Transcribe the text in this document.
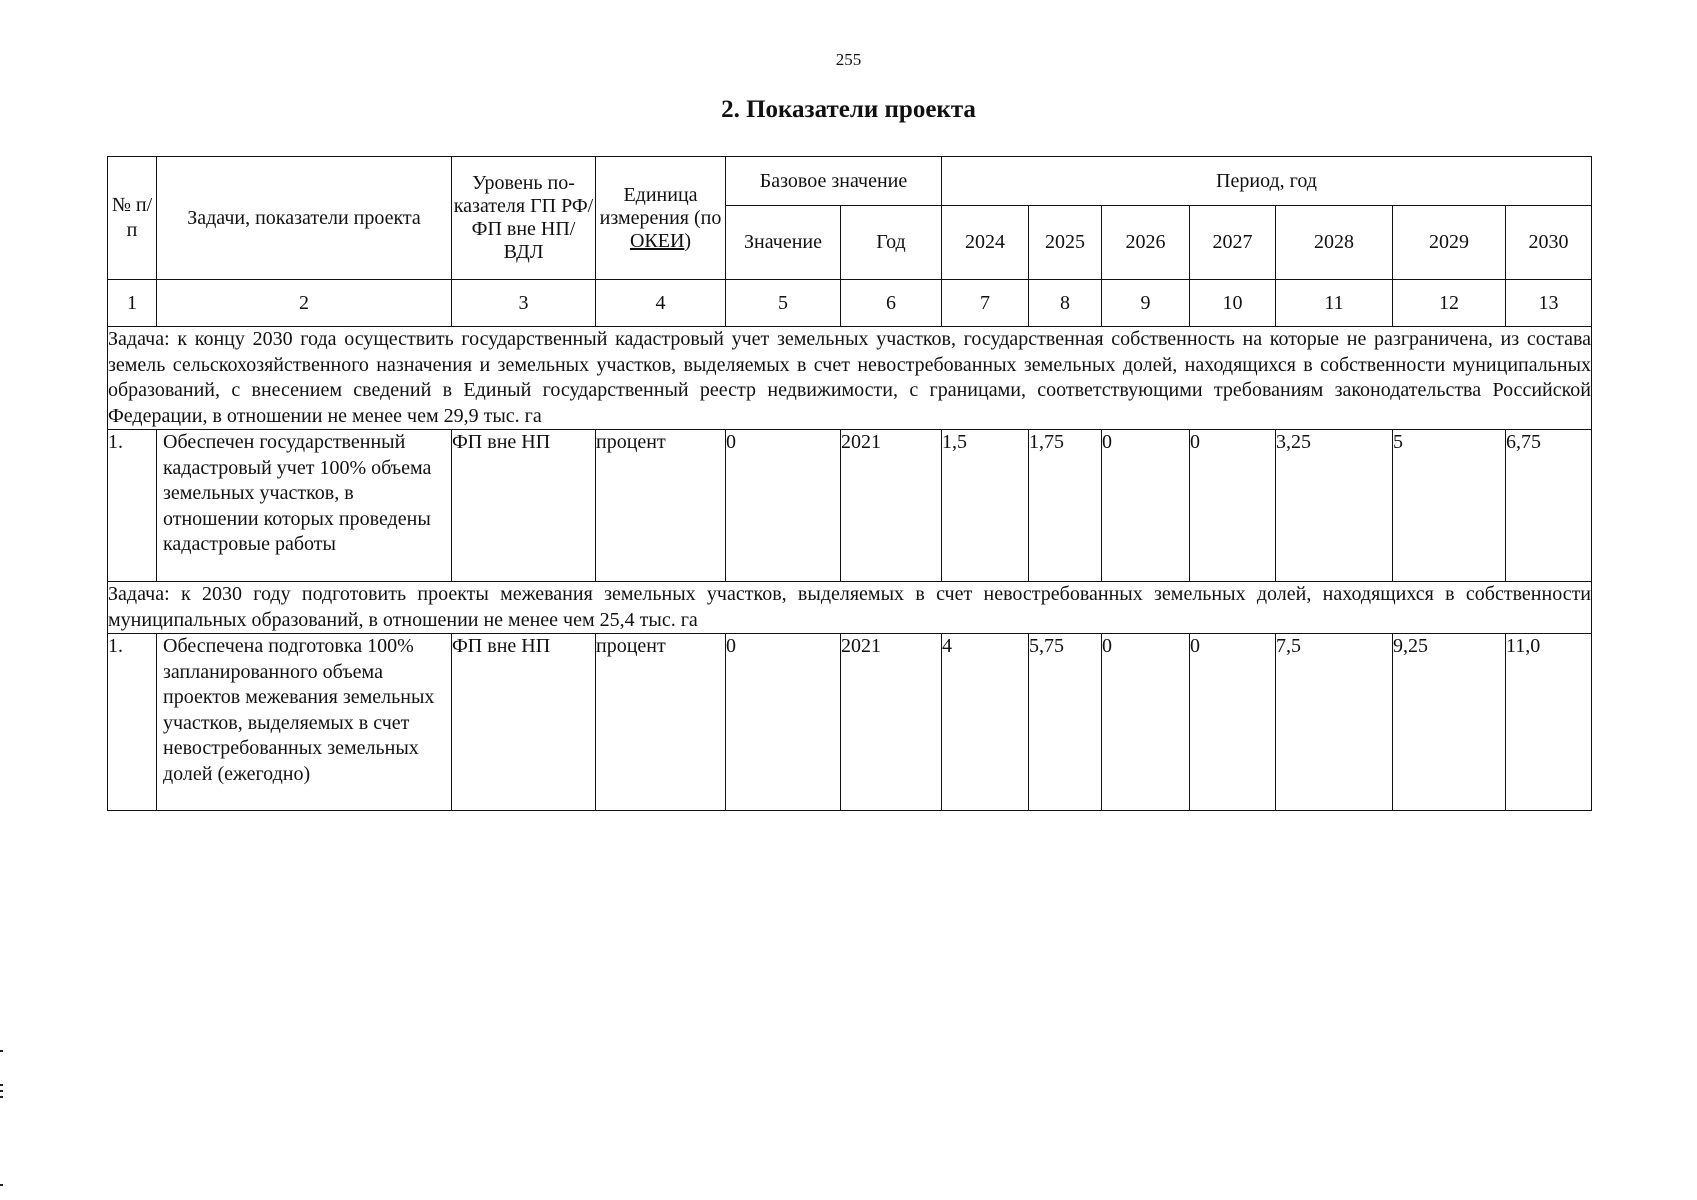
255
2. Показатели проекта
№ п/п	Задачи, показатели проекта	Уровень показателя ГП РФ/ФП вне НП/ВДЛ	Единица измерения (по ОКЕИ)	Базовое значение		Период, год						
				Значение	Год	2024	2025	2026	2027	2028	2029	2030
1	2	3	4	5	6	7	8	9	10	11	12	13
Задача: к концу 2030 года осуществить государственный кадастровый учет земельных участков, государственная собственность на которые не разграничена, из состава земель сельскохозяйственного назначения и земельных участков, выделяемых в счет невостребованных земельных долей, находящихся в собственности муниципальных образований, с внесением сведений в Единый государственный реестр недвижимости, с границами, соответствующими требованиям законодательства Российской Федерации, в отношении не менее чем 29,9 тыс. га												
1.	Обеспечен государственный кадастровый учет 100% объема земельных участков, в отношении которых проведены кадастровые работы	ФП вне НП	процент	0	2021	1,5	1,75	0	0	3,25	5	6,75
Задача: к 2030 году подготовить проекты межевания земельных участков, выделяемых в счет невостребованных земельных долей, находящихся в собственности муниципальных образований, в отношении не менее чем 25,4 тыс. га												
1.	Обеспечена подготовка 100% запланированного объема проектов межевания земельных участков, выделяемых в счет невостребованных земельных долей (ежегодно)	ФП вне НП	процент	0	2021	4	5,75	0	0	7,5	9,25	11,0
